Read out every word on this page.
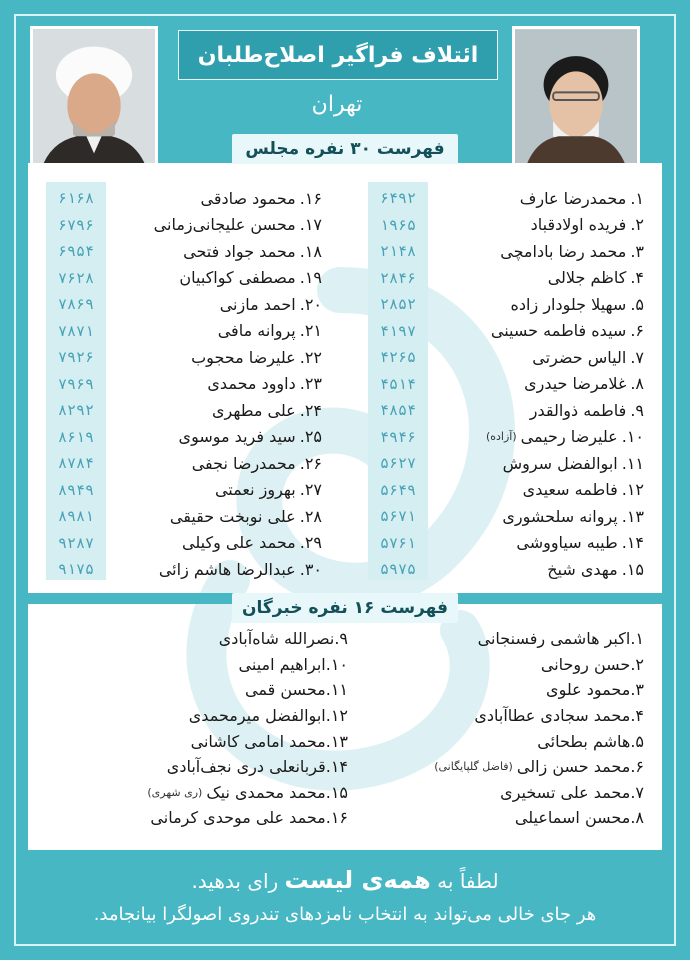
ائتلاف فراگیر اصلاح‌طلبان
تهران
فهرست ۳۰ نفره مجلس
فهرست ۱۶ نفره خبرگان
۱.
محمدرضا عارف
۲.
فریده اولادقباد
۳.
محمد رضا بادامچی
۴.
کاظم جلالی
۵.
سهیلا جلودار زاده
۶.
سیده فاطمه حسینی
۷.
الیاس حضرتی
۸.
غلامرضا حیدری
۹.
فاطمه ذوالقدر
۱۰.
علیرضا رحیمی
(آزاده)
۱۱.
ابوالفضل سروش
۱۲.
فاطمه سعیدی
۱۳.
پروانه سلحشوری
۱۴.
طیبه سیاووشی
۱۵.
مهدی شیخ
۶۴۹۲
۱۹۶۵
۲۱۴۸
۲۸۴۶
۲۸۵۲
۴۱۹۷
۴۲۶۵
۴۵۱۴
۴۸۵۴
۴۹۴۶
۵۶۲۷
۵۶۴۹
۵۶۷۱
۵۷۶۱
۵۹۷۵
۱۶.
محمود صادقی
۱۷.
محسن علیجانی‌زمانی
۱۸.
محمد جواد فتحی
۱۹.
مصطفی کواکبیان
۲۰.
احمد مازنی
۲۱.
پروانه مافی
۲۲.
علیرضا محجوب
۲۳.
داوود محمدی
۲۴.
علی مطهری
۲۵.
سید فرید موسوی
۲۶.
محمدرضا نجفی
۲۷.
بهروز نعمتی
۲۸.
علی نوبخت حقیقی
۲۹.
محمد علی وکیلی
۳۰.
عبدالرضا هاشم زائی
۶۱۶۸
۶۷۹۶
۶۹۵۴
۷۶۲۸
۷۸۶۹
۷۸۷۱
۷۹۲۶
۷۹۶۹
۸۲۹۲
۸۶۱۹
۸۷۸۴
۸۹۴۹
۸۹۸۱
۹۲۸۷
۹۱۷۵
۱.
اکبر هاشمی رفسنجانی
۲.
حسن روحانی
۳.
محمود علوی
۴.
محمد سجادی عطاآبادی
۵.
هاشم بطحائی
۶.
محمد حسن زالی
(فاضل گلپایگانی)
۷.
محمد علی تسخیری
۸.
محسن اسماعیلی
۹.
نصرالله شاه‌آبادی
۱۰.
ابراهیم امینی
۱۱.
محسن قمی
۱۲.
ابوالفضل میرمحمدی
۱۳.
محمد امامی کاشانی
۱۴.
قربانعلی دری نجف‌آبادی
۱۵.
محمد محمدی نیک
(ری شهری)
۱۶.
محمد علی موحدی کرمانی
لطفاً به همه‌ی لیست رای بدهید.
هر جای خالی می‌تواند به انتخاب نامزدهای تندروی اصولگرا بیانجامد.
